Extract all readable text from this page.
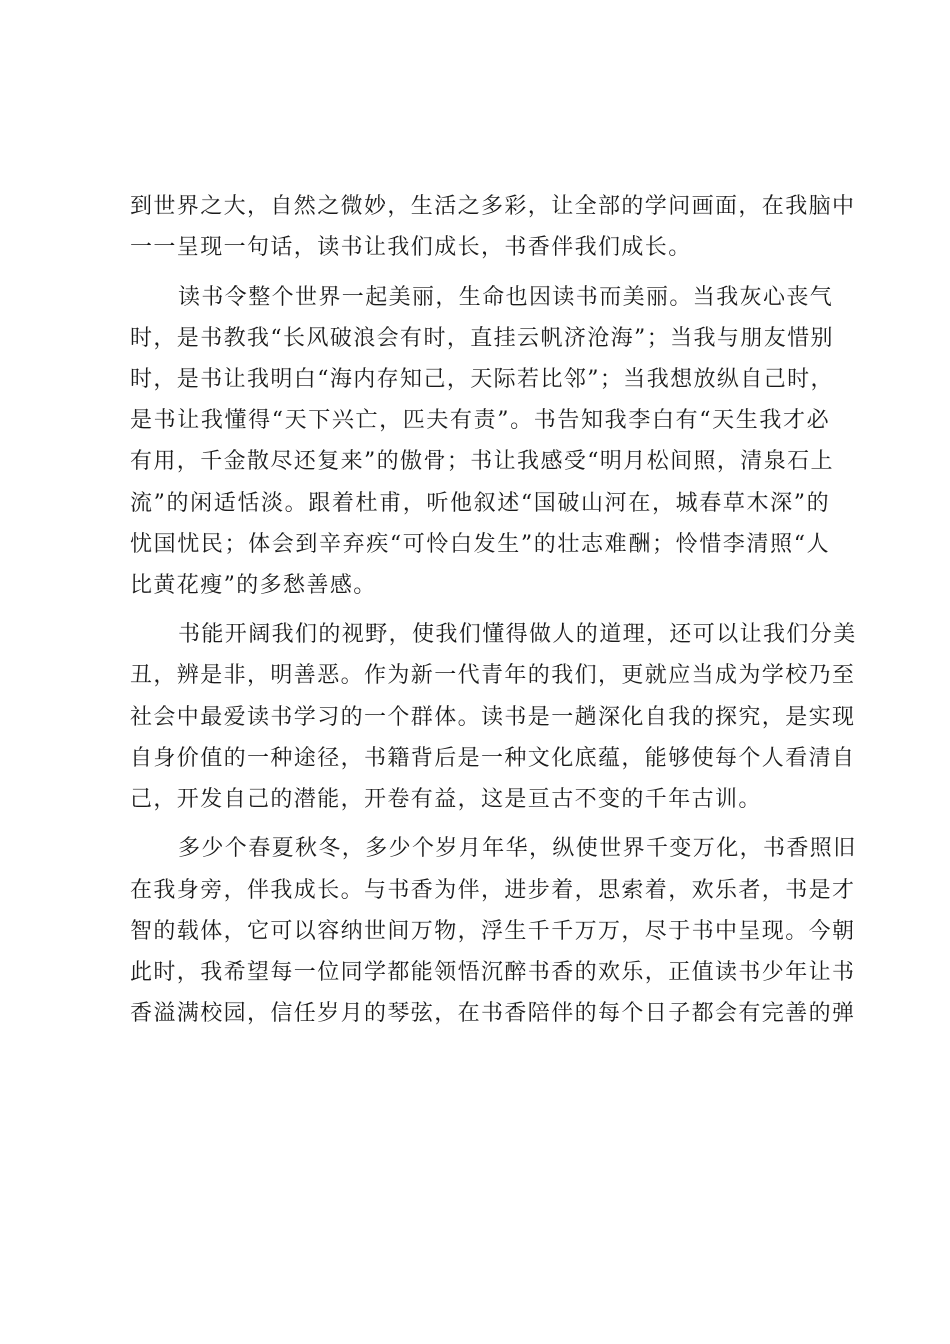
到世界之大，自然之微妙，生活之多彩，让全部的学问画面，在我脑中
一一呈现一句话，读书让我们成长，书香伴我们成长。
读书令整个世界一起美丽，生命也因读书而美丽。当我灰心丧气
时，是书教我“长风破浪会有时，直挂云帆济沧海”；当我与朋友惜别
时，是书让我明白“海内存知己，天际若比邻”；当我想放纵自己时，
是书让我懂得“天下兴亡，匹夫有责”。书告知我李白有“天生我才必
有用，千金散尽还复来”的傲骨；书让我感受“明月松间照，清泉石上
流”的闲适恬淡。跟着杜甫，听他叙述“国破山河在，城春草木深”的
忧国忧民；体会到辛弃疾“可怜白发生”的壮志难酬；怜惜李清照“人
比黄花瘦”的多愁善感。
书能开阔我们的视野，使我们懂得做人的道理，还可以让我们分美
丑，辨是非，明善恶。作为新一代青年的我们，更就应当成为学校乃至
社会中最爱读书学习的一个群体。读书是一趟深化自我的探究，是实现
自身价值的一种途径，书籍背后是一种文化底蕴，能够使每个人看清自
己，开发自己的潜能，开卷有益，这是亘古不变的千年古训。
多少个春夏秋冬，多少个岁月年华，纵使世界千变万化，书香照旧
在我身旁，伴我成长。与书香为伴，进步着，思索着，欢乐者，书是才
智的载体，它可以容纳世间万物，浮生千千万万，尽于书中呈现。今朝
此时，我希望每一位同学都能领悟沉醉书香的欢乐，正值读书少年让书
香溢满校园，信任岁月的琴弦，在书香陪伴的每个日子都会有完善的弹
